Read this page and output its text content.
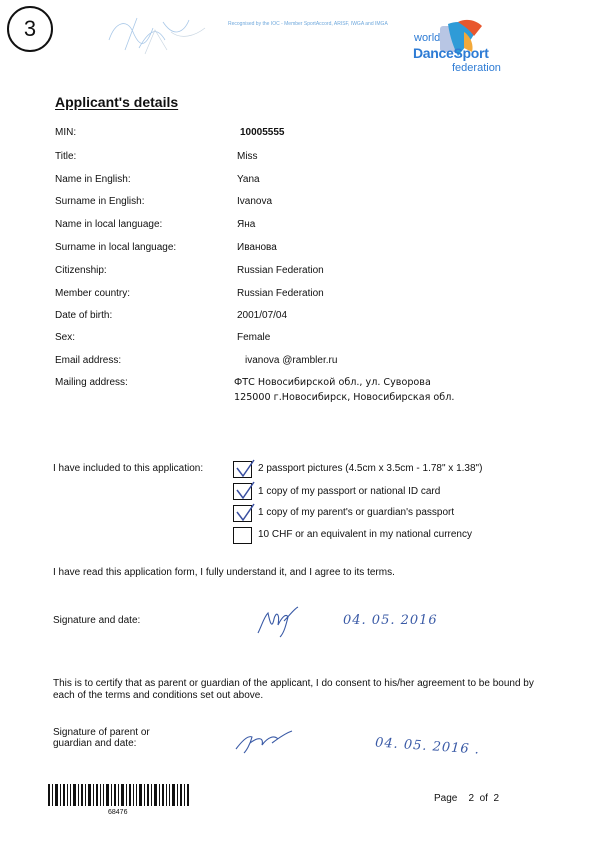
3	Recognised by the IOC - Member SportAccord, ARISF, IWGA and IMGA
world
DanceSport
federation
Applicant's details
MIN:	10005555
Title:	Miss
Name in English:	Yana
Surname in English:	Ivanova
Name in local language:	Яна
Surname in local language:	Иванова
Citizenship:	Russian Federation
Member country:	Russian Federation
Date of birth:	2001/07/04
Sex:	Female
Email address:	ivanova @rambler.ru
Mailing address:	ФТС Новосибирской обл., ул. Суворова
125000 г.Новосибирск, Новосибирская обл.
I have included to this application:	2 passport pictures (4.5cm x 3.5cm - 1.78" x 1.38")
1 copy of my passport or national ID card
1 copy of my parent's or guardian's passport
10 CHF or an equivalent in my national currency
I have read this application form, I fully understand it, and I agree to its terms.
Signature and date:	04. 05. 2016
This is to certify that as parent or guardian of the applicant, I do consent to his/her agreement to be bound by each of the terms and conditions set out above.
Signature of parent or
guardian and date:	04. 05. 2016 .
68476
Page    2  of  2
